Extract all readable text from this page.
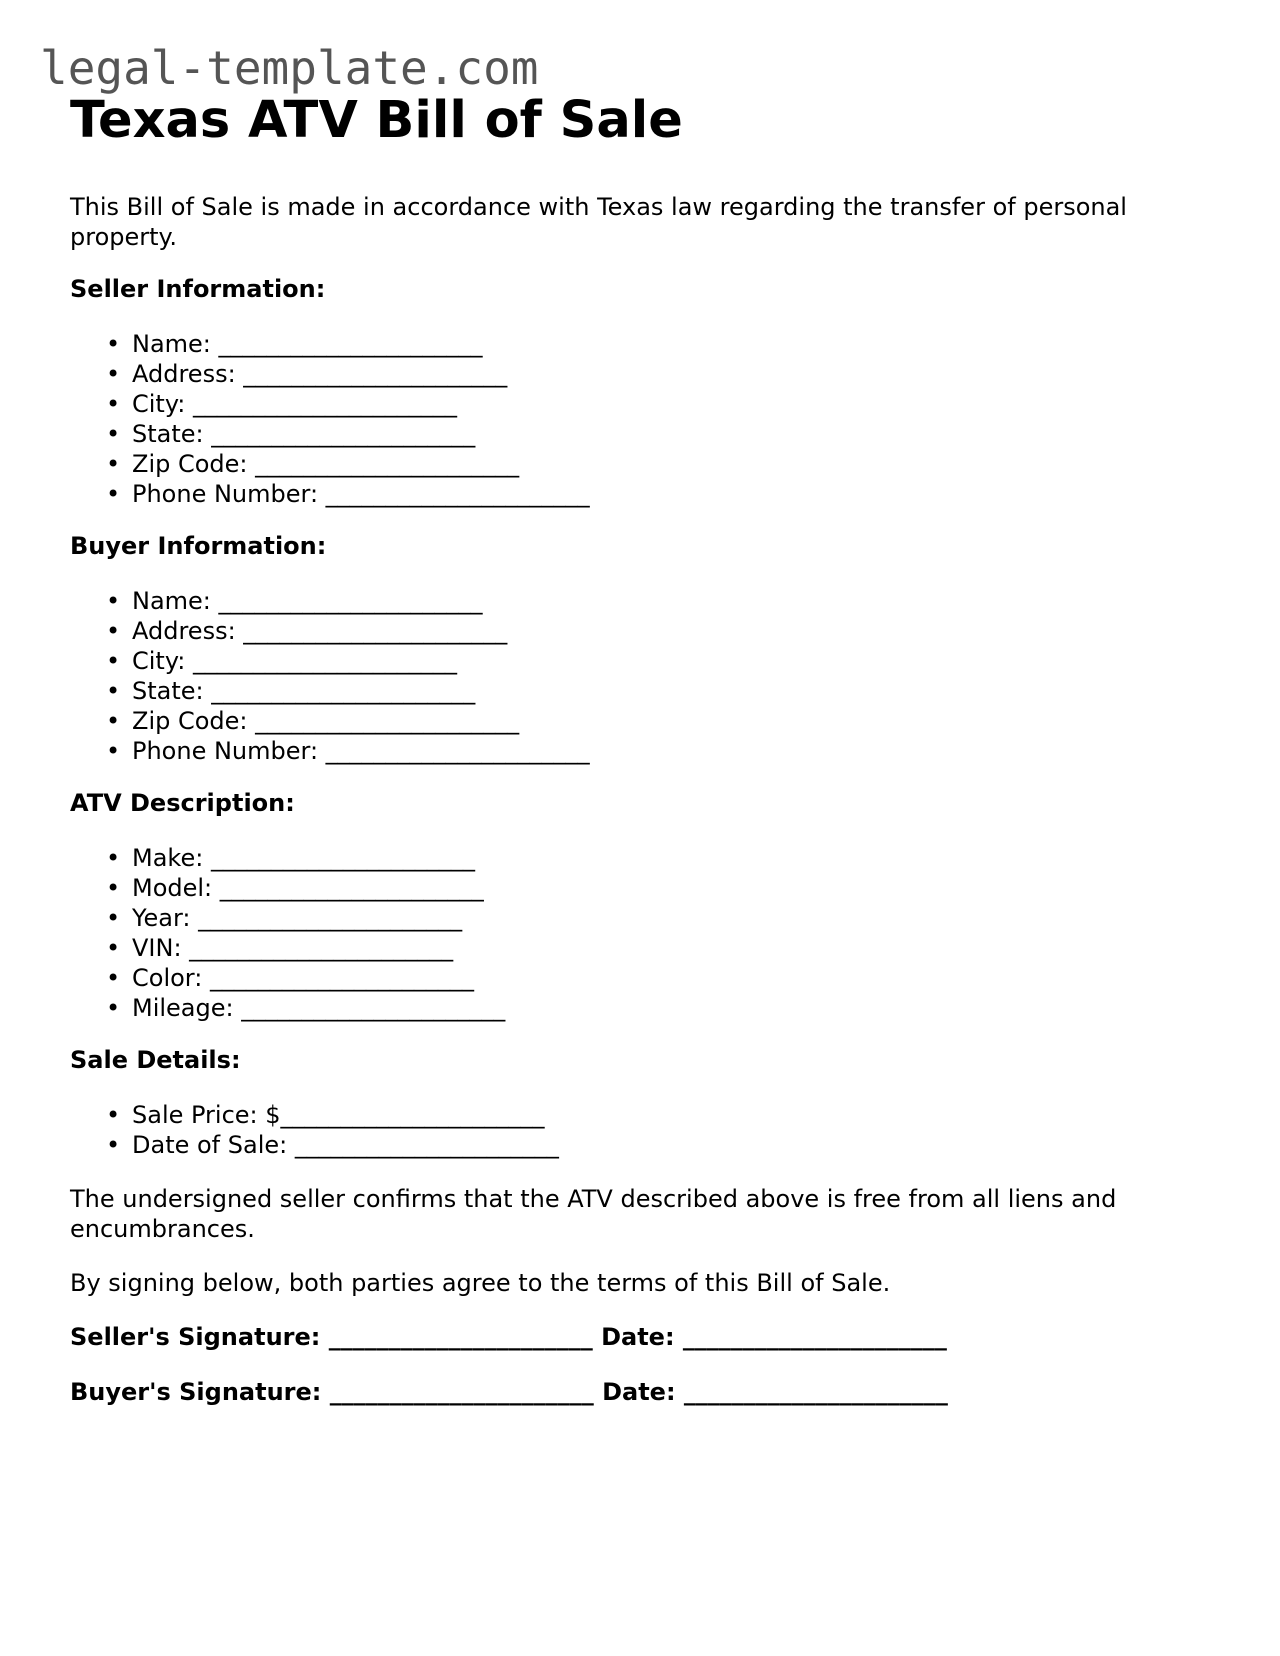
legal-template.com
Texas ATV Bill of Sale

This Bill of Sale is made in accordance with Texas law regarding the transfer of personal property.

Seller Information:
• Name: ______________________
• Address: ______________________
• City: ______________________
• State: ______________________
• Zip Code: ______________________
• Phone Number: ______________________
Buyer Information:
• Name: ______________________
• Address: ______________________
• City: ______________________
• State: ______________________
• Zip Code: ______________________
• Phone Number: ______________________
ATV Description:
• Make: ______________________
• Model: ______________________
• Year: ______________________
• VIN: ______________________
• Color: ______________________
• Mileage: ______________________
Sale Details:
• Sale Price: $______________________
• Date of Sale: ______________________

The undersigned seller confirms that the ATV described above is free from all liens and encumbrances.

By signing below, both parties agree to the terms of this Bill of Sale.

Seller's Signature: ______________________ Date: ______________________
Buyer's Signature: ______________________ Date: ______________________
